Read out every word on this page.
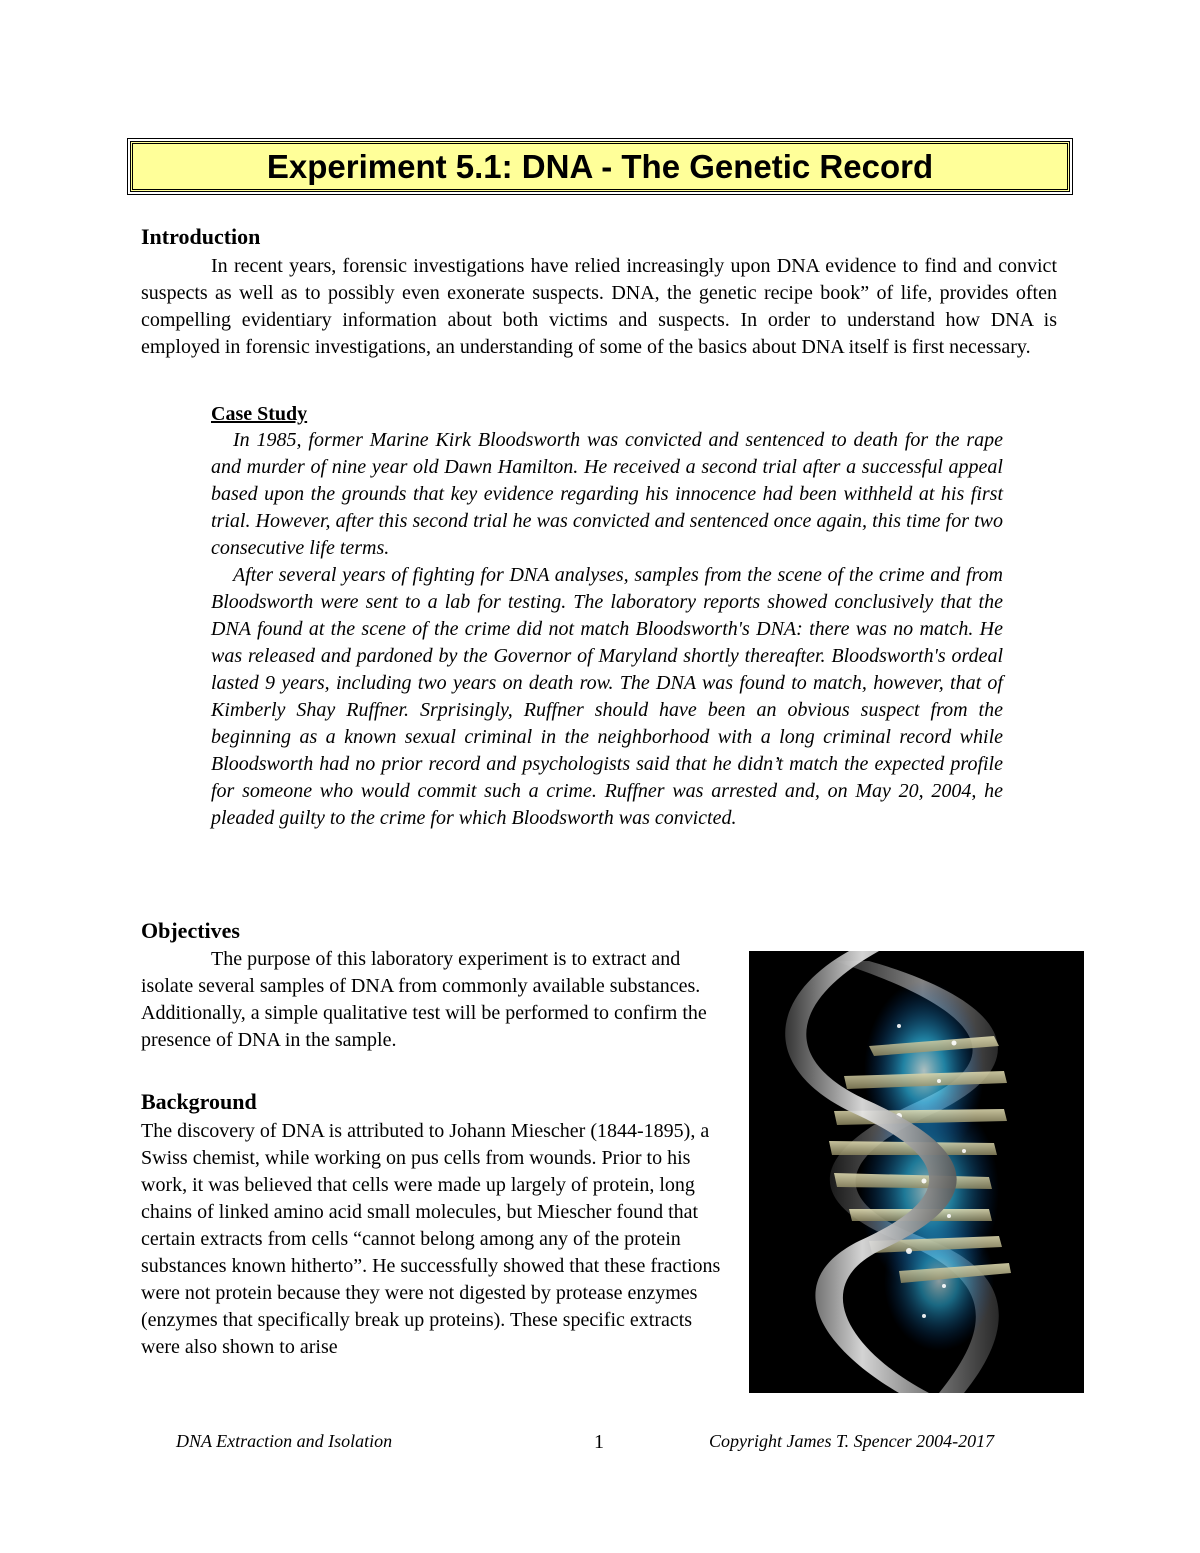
Experiment 5.1: DNA - The Genetic Record
Introduction

In recent years, forensic investigations have relied increasingly upon DNA evidence to find and convict suspects as well as to possibly even exonerate suspects. DNA, the genetic recipe book” of life, provides often compelling evidentiary information about both victims and suspects. In order to understand how DNA is employed in forensic investigations, an understanding of some of the basics about DNA itself is first necessary.

Case Study

In 1985, former Marine Kirk Bloodsworth was convicted and sentenced to death for the rape and murder of nine year old Dawn Hamilton. He received a second trial after a successful appeal based upon the grounds that key evidence regarding his innocence had been withheld at his first trial. However, after this second trial he was convicted and sentenced once again, this time for two consecutive life terms.

After several years of fighting for DNA analyses, samples from the scene of the crime and from Bloodsworth were sent to a lab for testing. The laboratory reports showed conclusively that the DNA found at the scene of the crime did not match Bloodsworth's DNA: there was no match. He was released and pardoned by the Governor of Maryland shortly thereafter. Bloodsworth's ordeal lasted 9 years, including two years on death row. The DNA was found to match, however, that of Kimberly Shay Ruffner. Srprisingly, Ruffner should have been an obvious suspect from the beginning as a known sexual criminal in the neighborhood with a long criminal record while Bloodsworth had no prior record and psychologists said that he didn’t match the expected profile for someone who would commit such a crime. Ruffner was arrested and, on May 20, 2004, he pleaded guilty to the crime for which Bloodsworth was convicted.

Objectives

The purpose of this laboratory experiment is to extract and isolate several samples of DNA from commonly available substances. Additionally, a simple qualitative test will be performed to confirm the presence of DNA in the sample.

Background

The discovery of DNA is attributed to Johann Miescher (1844-1895), a Swiss chemist, while working on pus cells from wounds. Prior to his work, it was believed that cells were made up largely of protein, long chains of linked amino acid small molecules, but Miescher found that certain extracts from cells “cannot belong among any of the protein substances known hitherto”. He successfully showed that these fractions were not protein because they were not digested by protease enzymes (enzymes that specifically break up proteins). These specific extracts were also shown to arise

DNA Extraction and Isolation	1	Copyright James T. Spencer 2004-2017
